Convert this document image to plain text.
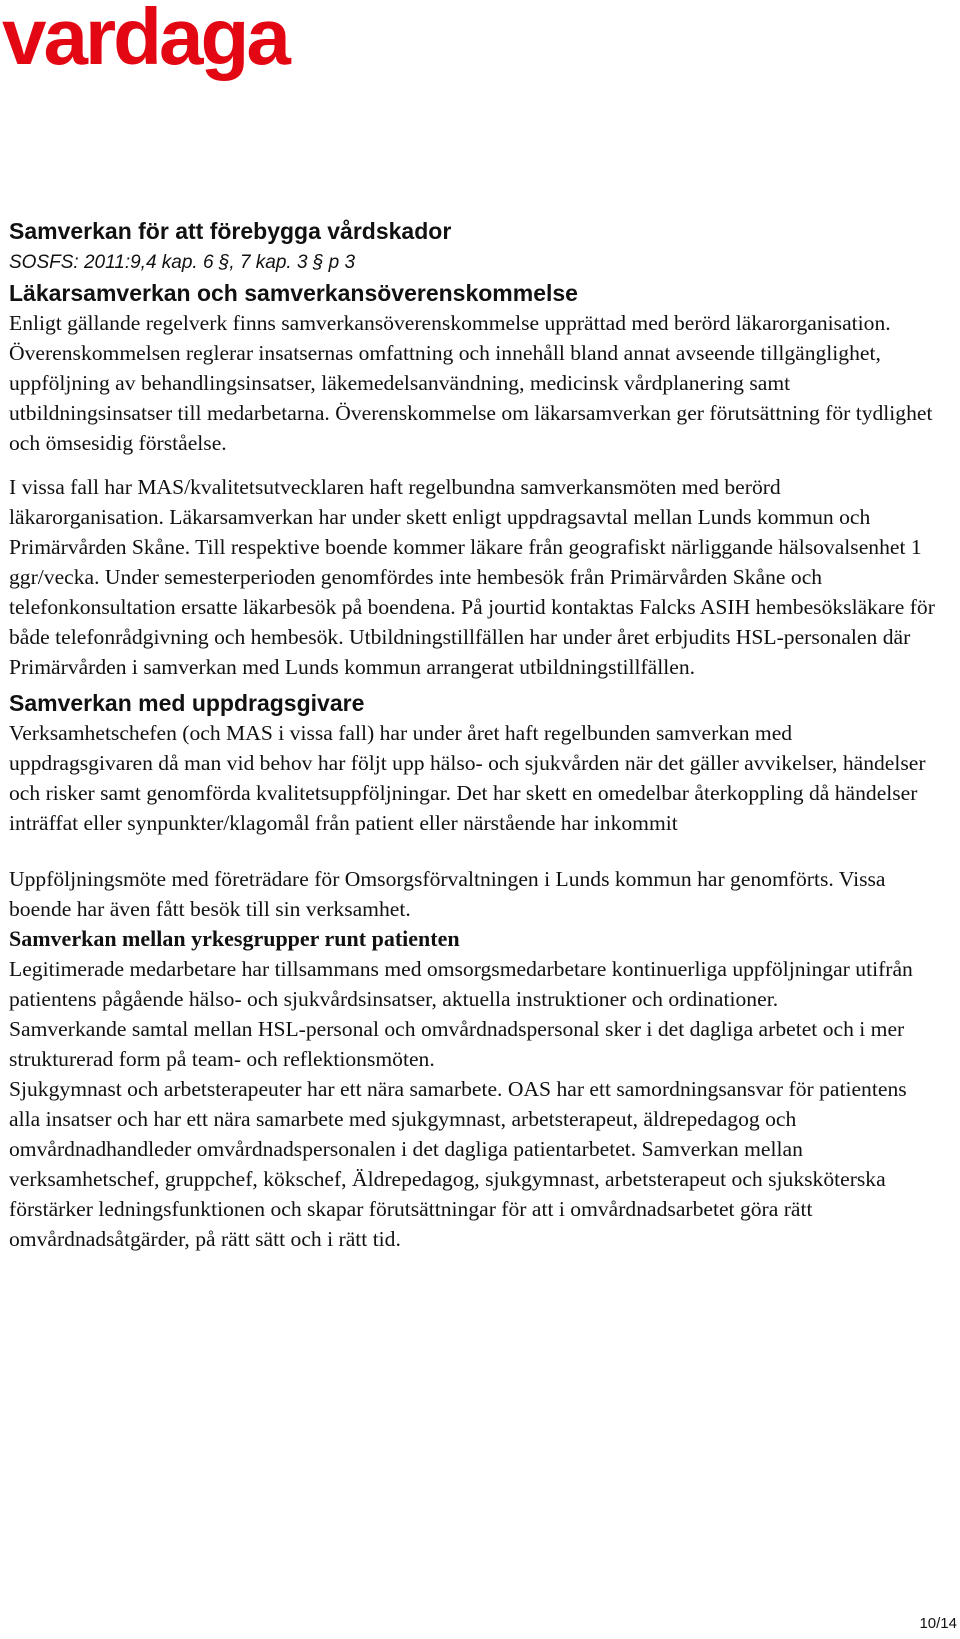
vardaga
Samverkan för att förebygga vårdskador

SOSFS: 2011:9,4 kap. 6 §, 7 kap. 3 § p 3

Läkarsamverkan och samverkansöverenskommelse

Enligt gällande regelverk finns samverkansöverenskommelse upprättad med berörd läkarorganisation. Överenskommelsen reglerar insatsernas omfattning och innehåll bland annat avseende tillgänglighet, uppföljning av behandlingsinsatser, läkemedelsanvändning, medicinsk vårdplanering samt utbildningsinsatser till medarbetarna. Överenskommelse om läkarsamverkan ger förutsättning för tydlighet och ömsesidig förståelse.

I vissa fall har MAS/kvalitetsutvecklaren haft regelbundna samverkansmöten med berörd läkarorganisation. Läkarsamverkan har under skett enligt uppdragsavtal mellan Lunds kommun och Primärvården Skåne. Till respektive boende kommer läkare från geografiskt närliggande hälsovalsenhet 1 ggr/vecka. Under semesterperioden genomfördes inte hembesök från Primärvården Skåne och telefonkonsultation ersatte läkarbesök på boendena. På jourtid kontaktas Falcks ASIH hembesöksläkare för både telefonrådgivning och hembesök. Utbildningstillfällen har under året erbjudits HSL-personalen där Primärvården i samverkan med Lunds kommun arrangerat utbildningstillfällen.

Samverkan med uppdragsgivare

Verksamhetschefen (och MAS i vissa fall) har under året haft regelbunden samverkan med uppdragsgivaren då man vid behov har följt upp hälso- och sjukvården när det gäller avvikelser, händelser och risker samt genomförda kvalitetsuppföljningar. Det har skett en omedelbar återkoppling då händelser inträffat eller synpunkter/klagomål från patient eller närstående har inkommit

Uppföljningsmöte med företrädare för Omsorgsförvaltningen i Lunds kommun har genomförts. Vissa boende har även fått besök till sin verksamhet.

Samverkan mellan yrkesgrupper runt patienten

Legitimerade medarbetare har tillsammans med omsorgsmedarbetare kontinuerliga uppföljningar utifrån patientens pågående hälso- och sjukvårdsinsatser, aktuella instruktioner och ordinationer.

Samverkande samtal mellan HSL-personal och omvårdnadspersonal sker i det dagliga arbetet och i mer strukturerad form på team- och reflektionsmöten.

Sjukgymnast och arbetsterapeuter har ett nära samarbete. OAS har ett samordningsansvar för patientens alla insatser och har ett nära samarbete med sjukgymnast, arbetsterapeut, äldrepedagog och omvårdnadhandleder omvårdnadspersonalen i det dagliga patientarbetet. Samverkan mellan verksamhetschef, gruppchef, kökschef, Äldrepedagog, sjukgymnast, arbetsterapeut och sjuksköterska förstärker ledningsfunktionen och skapar förutsättningar för att i omvårdnadsarbetet göra rätt omvårdnadsåtgärder, på rätt sätt och i rätt tid.

10/14
